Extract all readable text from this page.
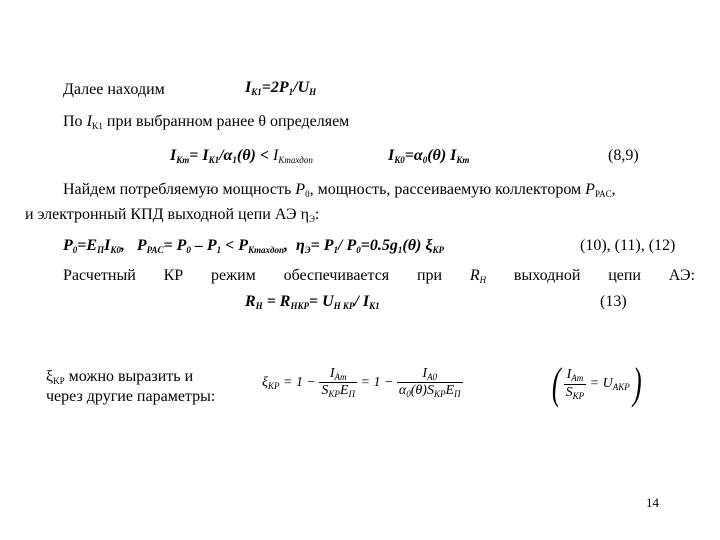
Далее находим	$I_{K1}=2P_1/U_H$
По $I_{K1}$ при выбранном ранее θ определяем
$I_{Km}= I_{K1}/\alpha_1(\theta) < I_{Kmaxдоп}$	$I_{K0}=\alpha_0(\theta)$ $I_{Km}$	(8,9)
Найдем потребляемую мощность $P_0$, мощность, рассеиваемую коллектором $P_{PAC}$,
и электронный КПД выходной цепи АЭ $\eta_Э$:
$P_0=E_ПI_{K0}$,   $P_{PAC}= P_0 - P_1 < P_{Kmaxдоп}$,  $\eta_Э= P_1/$ $P_0=0.5g_1(\theta)$ $\xi_{KP}$	(10), (11), (12)
Расчетный КР режим обеспечивается при $R_H$ выходной цепи АЭ:
$R_H = R_{HKP}= U_{H KP}/$ $I_{K1}$	(13)
$\xi_{KP}$ можно выразить и
через другие параметры:
$\xi_{KP} = 1 - \frac{I_{Am}}{S_{KP}E_П} = 1 - \frac{I_{A0}}{\alpha_0(\theta)S_{KP}E_П}$ ( $\frac{I_{Am}}{S_{KP}} = U_{AKP}$)
14
